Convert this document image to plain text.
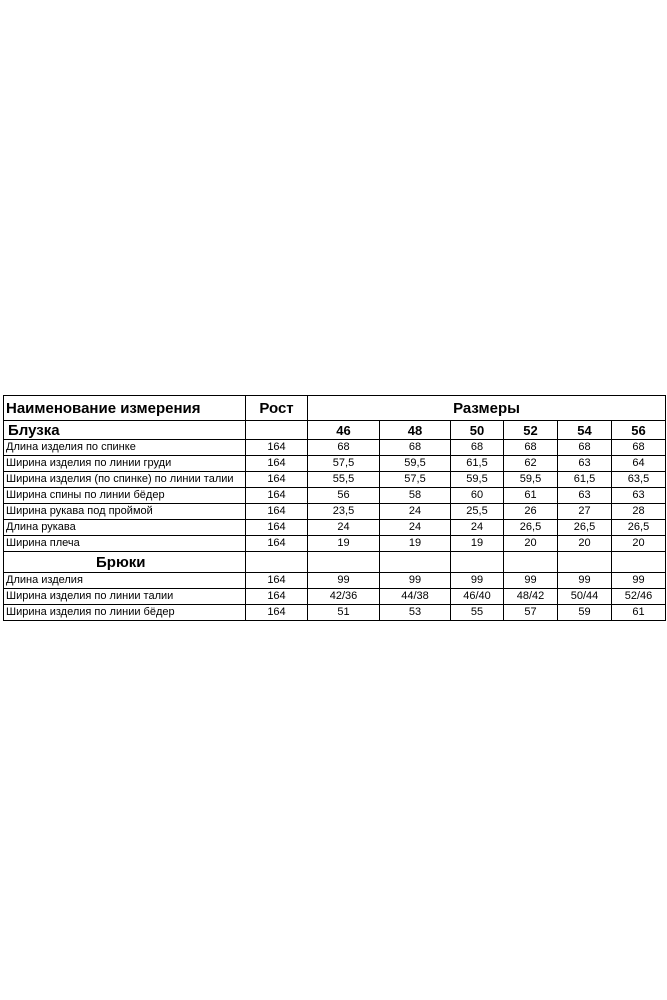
Наименование измерения	Рост	Размеры					
Блузка		46	48	50	52	54	56
Длина изделия по спинке	164	68	68	68	68	68	68
Ширина изделия по линии груди	164	57,5	59,5	61,5	62	63	64
Ширина изделия (по спинке) по линии талии	164	55,5	57,5	59,5	59,5	61,5	63,5
Ширина спины по линии бёдер	164	56	58	60	61	63	63
Ширина рукава под проймой	164	23,5	24	25,5	26	27	28
Длина рукава	164	24	24	24	26,5	26,5	26,5
Ширина плеча	164	19	19	19	20	20	20
Брюки							
Длина изделия	164	99	99	99	99	99	99
Ширина изделия по линии талии	164	42/36	44/38	46/40	48/42	50/44	52/46
Ширина изделия по линии бёдер	164	51	53	55	57	59	61
